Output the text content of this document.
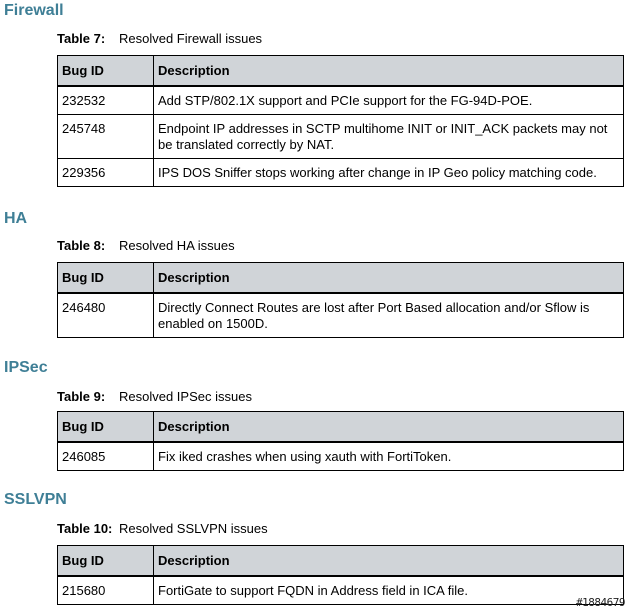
Firewall
Table 7: Resolved Firewall issues
Bug ID	Description
232532	Add STP/802.1X support and PCIe support for the FG-94D-POE.
245748	Endpoint IP addresses in SCTP multihome INIT or INIT_ACK packets may not be translated correctly by NAT.
229356	IPS DOS Sniffer stops working after change in IP Geo policy matching code.
HA
Table 8: Resolved HA issues
Bug ID	Description
246480	Directly Connect Routes are lost after Port Based allocation and/or Sflow is enabled on 1500D.
IPSec
Table 9: Resolved IPSec issues
Bug ID	Description
246085	Fix iked crashes when using xauth with FortiToken.
SSLVPN
Table 10: Resolved SSLVPN issues
Bug ID	Description
215680	FortiGate to support FQDN in Address field in ICA file.
#1884679
